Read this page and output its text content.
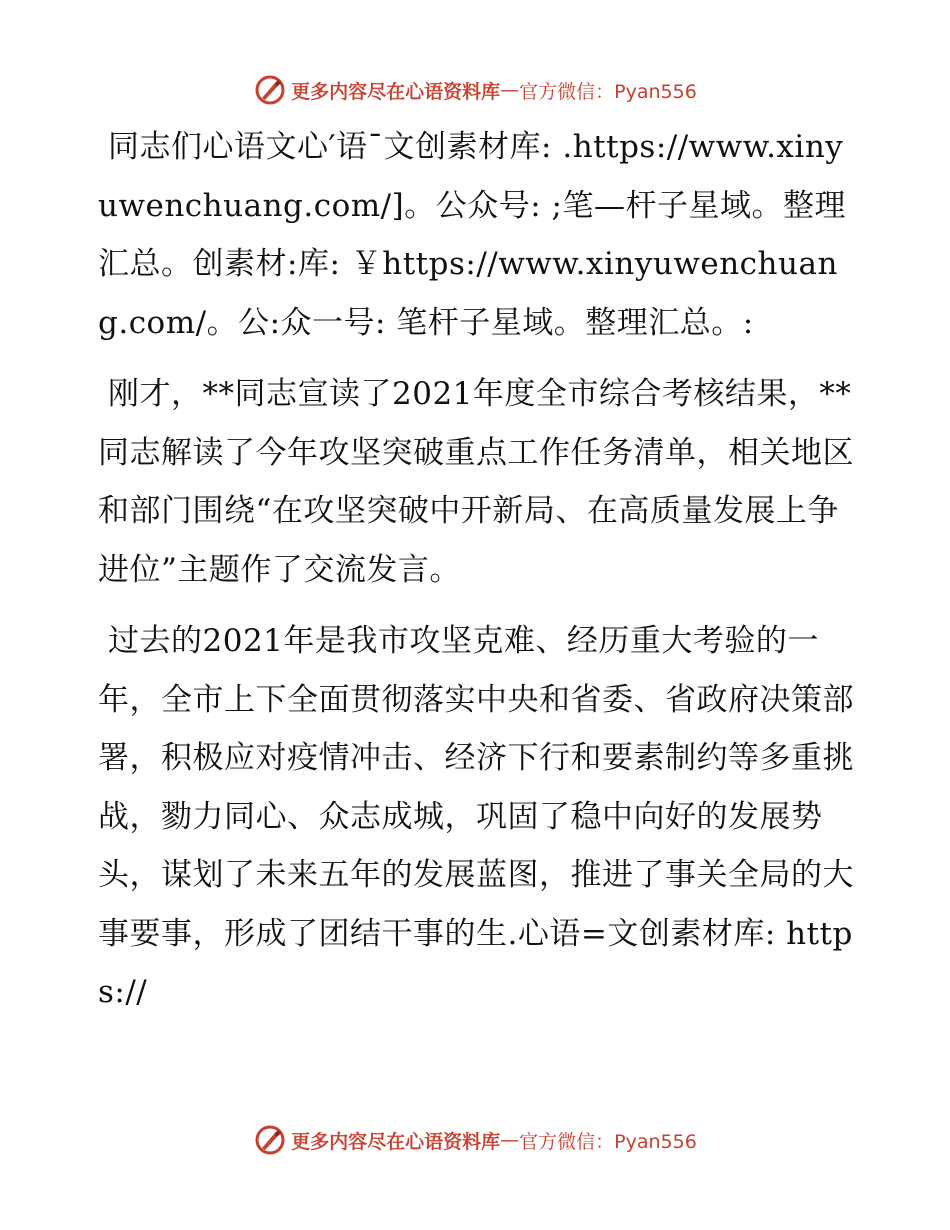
更多内容尽在心语资料库 — 官方微信：Pyan556

同志们心语文心′语ˉ文创素材库: .https://www.xinyuwenchuang.com/]。公众号: ;笔—杆子星域。整理汇总。创素材:库: ￥https://www.xinyuwenchuang.com/。公:众一号: 笔杆子星域。整理汇总。:

刚才，**同志宣读了2021年度全市综合考核结果，**同志解读了今年攻坚突破重点工作任务清单，相关地区和部门围绕“在攻坚突破中开新局、在高质量发展上争进位”主题作了交流发言。

过去的2021年是我市攻坚克难、经历重大考验的一年，全市上下全面贯彻落实中央和省委、省政府决策部署，积极应对疫情冲击、经济下行和要素制约等多重挑战，勠力同心、众志成城，巩固了稳中向好的发展势头，谋划了未来五年的发展蓝图，推进了事关全局的大事要事，形成了团结干事的生.心语=文创素材库: https://

更多内容尽在心语资料库 — 官方微信：Pyan556
